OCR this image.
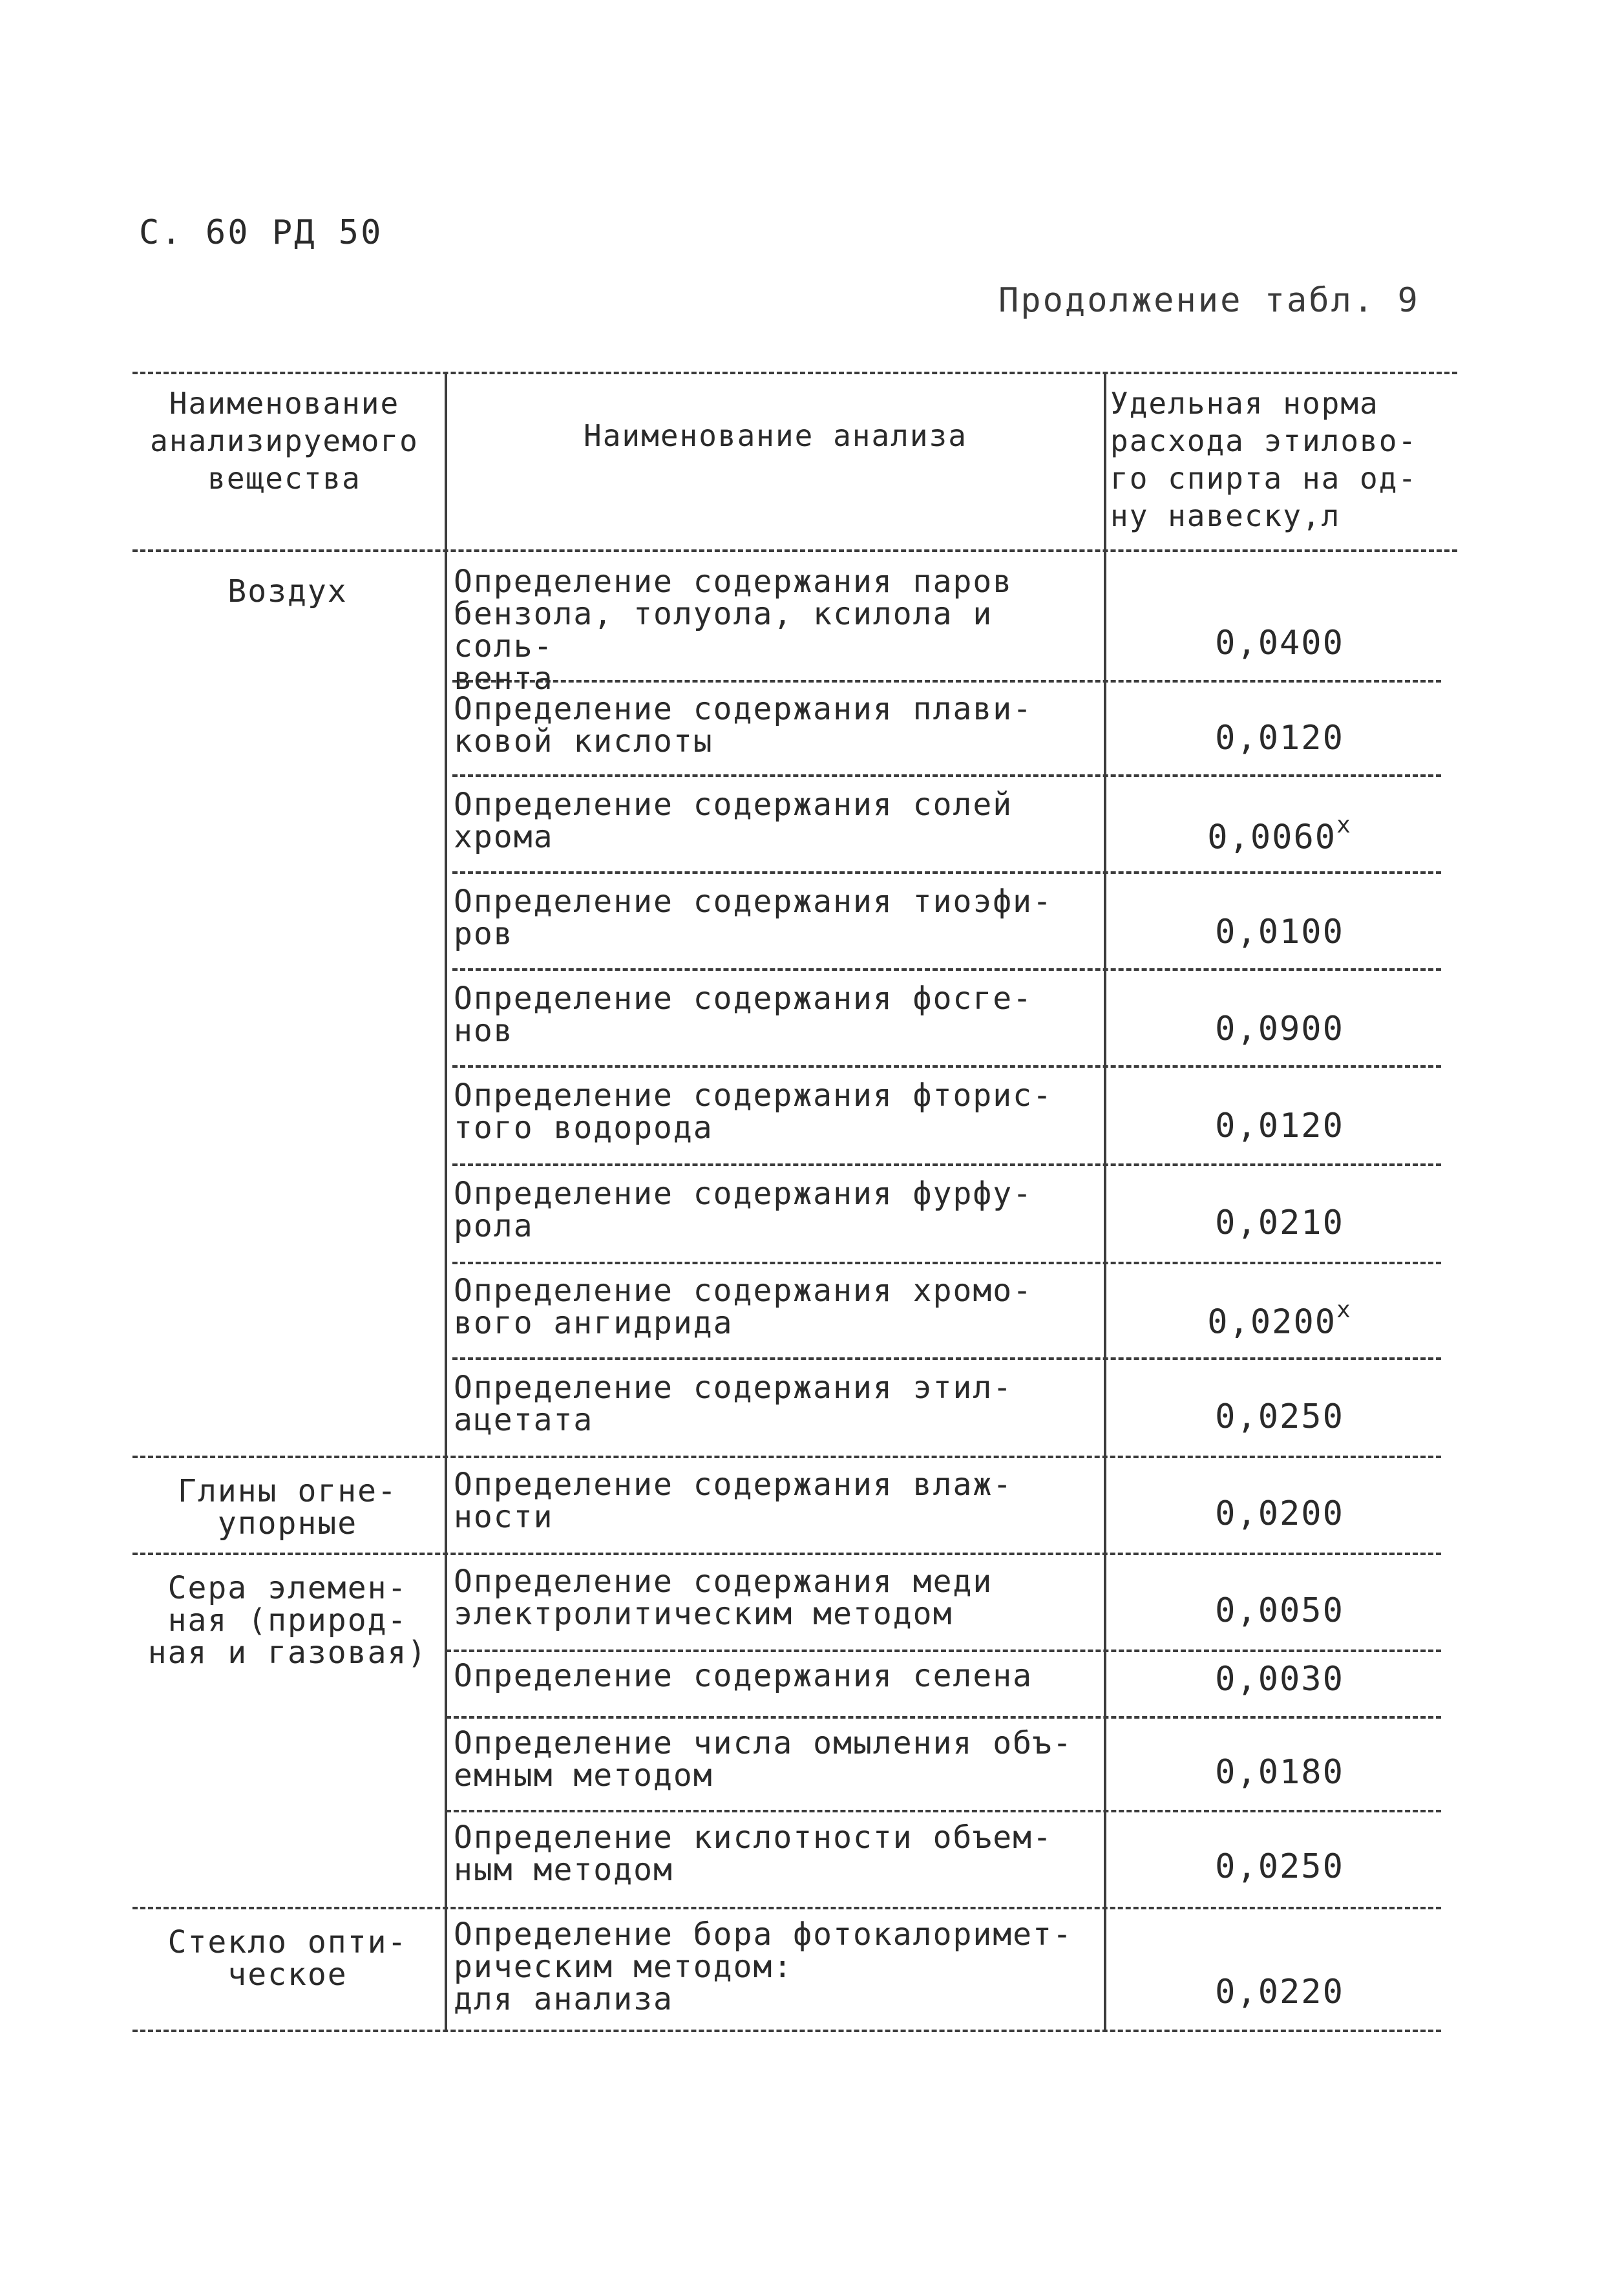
С. 60 РД 50
Продолжение табл. 9
Наименование
анализируемого
вещества
Наименование анализа
Удельная норма
расхода этилово-
го спирта на од-
ну навеску,л
Воздух
Глины огне-
упорные
Сера элемен-
ная (природ-
ная и газовая)
Стекло опти-
ческое
Определение содержания паров
бензола, толуола, ксилола и соль-
вента
Определение содержания плави-
ковой кислоты
Определение содержания солей
хрома
Определение содержания тиоэфи-
ров
Определение содержания фосге-
нов
Определение содержания фторис-
того водорода
Определение содержания фурфу-
рола
Определение содержания хромо-
вого ангидрида
Определение содержания этил-
ацетата
Определение содержания влаж-
ности
Определение содержания меди
электролитическим методом
Определение содержания селена
Определение числа омыления объ-
емным методом
Определение кислотности объем-
ным методом
Определение бора фотокалоримет-
рическим методом:
для анализа
0,0400
0,0120
0,0060$^x$
0,0100
0,0900
0,0120
0,0210
0,0200$^x$
0,0250
0,0200
0,0050
0,0030
0,0180
0,0250
0,0220
